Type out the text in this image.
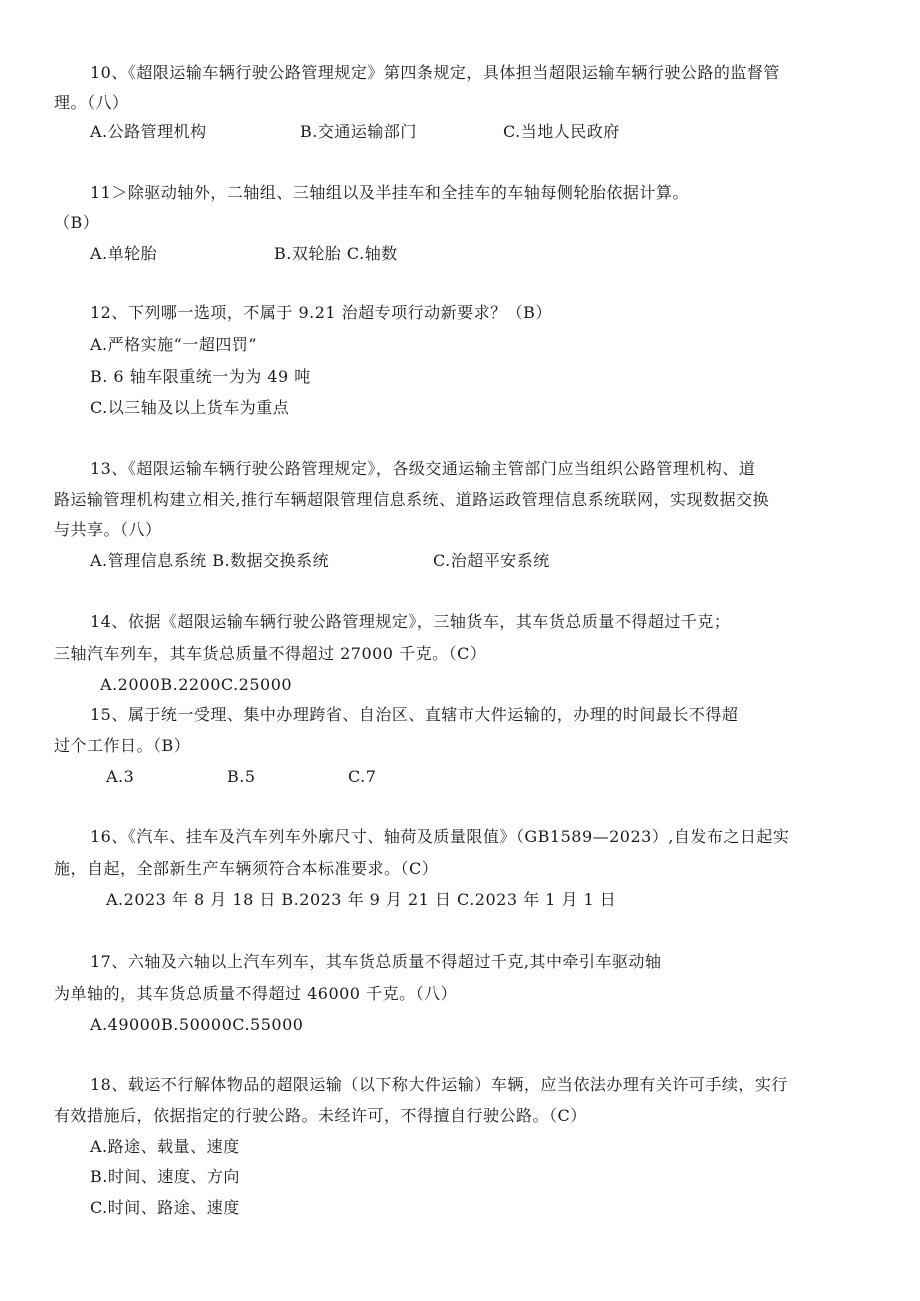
10、《超限运输车辆行驶公路管理规定》第四条规定，具体担当超限运输车辆行驶公路的监督管
理。（八）
A.公路管理机构	B.交通运输部门	C.当地人民政府
11＞除驱动轴外，二轴组、三轴组以及半挂车和全挂车的车轴每侧轮胎依据计算。
（B）
A.单轮胎	B.双轮胎 C.轴数
12、下列哪一选项，不属于 9.21 治超专项行动新要求？（B）
A.严格实施“一超四罚”
B. 6 轴车限重统一为为 49 吨
C.以三轴及以上货车为重点
13、《超限运输车辆行驶公路管理规定》，各级交通运输主管部门应当组织公路管理机构、道
路运输管理机构建立相关,推行车辆超限管理信息系统、道路运政管理信息系统联网，实现数据交换
与共享。（八）
A.管理信息系统 B.数据交换系统	C.治超平安系统
14、依据《超限运输车辆行驶公路管理规定》，三轴货车，其车货总质量不得超过千克；
三轴汽车列车，其车货总质量不得超过 27000 千克。（C）
A.2000B.2200C.25000
15、属于统一受理、集中办理跨省、自治区、直辖市大件运输的，办理的时间最长不得超
过个工作日。（B）
A.3	B.5	C.7
16、《汽车、挂车及汽车列车外廓尺寸、轴荷及质量限值》（GB1589—2023）,自发布之日起实
施，自起，全部新生产车辆须符合本标准要求。（C）
A.2023 年 8 月 18 日 B.2023 年 9 月 21 日 C.2023 年 1 月 1 日
17、六轴及六轴以上汽车列车，其车货总质量不得超过千克,其中牵引车驱动轴
为单轴的，其车货总质量不得超过 46000 千克。（八）
A.49000B.50000C.55000
18、载运不行解体物品的超限运输（以下称大件运输）车辆，应当依法办理有关许可手续，实行
有效措施后，依据指定的行驶公路。未经许可，不得擅自行驶公路。（C）
A.路途、载量、速度
B.时间、速度、方向
C.时间、路途、速度
